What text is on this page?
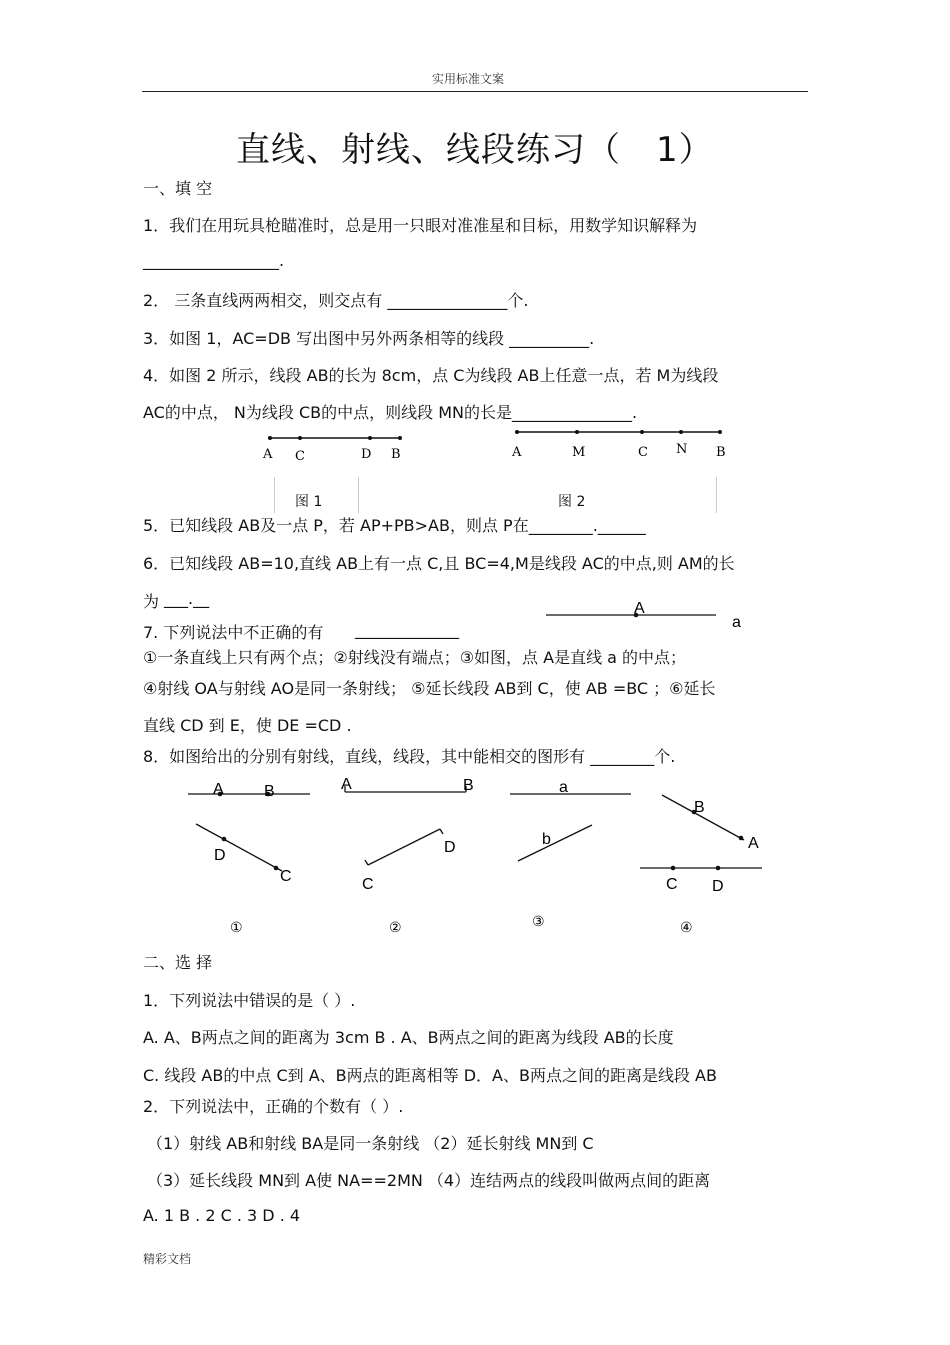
实用标准文案
直线、射线、线段练习（　1）
一、填 空
1．我们在用玩具枪瞄准时，总是用一只眼对准准星和目标，用数学知识解释为
_________________.
2． 三条直线两两相交，则交点有 _______________个.
3．如图 1，AC=DB 写出图中另外两条相等的线段 __________.
4．如图 2 所示，线段 AB的长为 8cm，点 C为线段 AB上任意一点，若 M为线段
AC的中点， N为线段 CB的中点，则线段 MN的长是_______________.
A C	D B	A	M	C N B
图 1	图 2
5．已知线段 AB及一点 P，若 AP+PB>AB，则点 P在________.______
6．已知线段 AB=10,直线 AB上有一点 C,且 BC=4,M是线段 AC的中点,则 AM的长
为 ___.__
A
a
7. 下列说法中不正确的有 _____________
①一条直线上只有两个点；②射线没有端点；③如图，点 A是直线 a 的中点；
④射线 OA与射线 AO是同一条射线； ⑤延长线段 AB到 C，使 AB =BC ；⑥延长
直线 CD 到 E，使 DE =CD .
8．如图给出的分别有射线，直线，线段，其中能相交的图形有 ________个.
A	B
D
C
A	B
D
C
a
b
B
A
C D
①	②	③	④
二、选 择
1．下列说法中错误的是（ ）.
A. A、B两点之间的距离为 3cm B . A、B两点之间的距离为线段 AB的长度
C. 线段 AB的中点 C到 A、B两点的距离相等 D．A、B两点之间的距离是线段 AB
2．下列说法中，正确的个数有（ ）.
（1）射线 AB和射线 BA是同一条射线 （2）延长射线 MN到 C
（3）延长线段 MN到 A使 NA==2MN （4）连结两点的线段叫做两点间的距离
A. 1 B . 2 C . 3 D . 4
精彩文档
